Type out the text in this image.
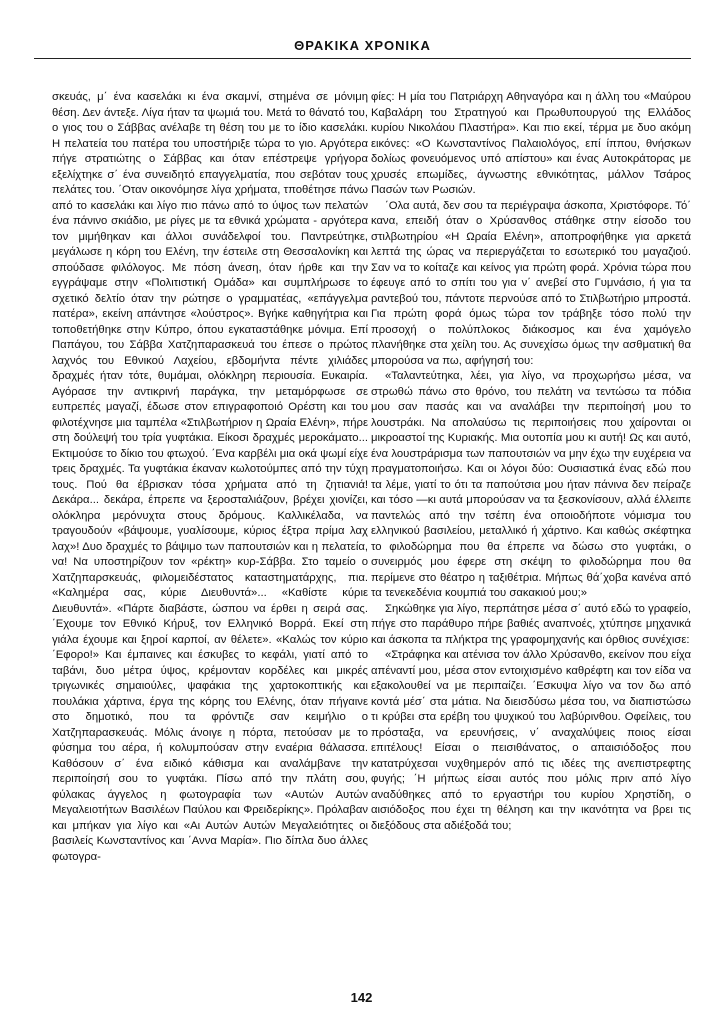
ΘΡΑΚΙΚΑ ΧΡΟΝΙΚΑ

σκευάς, μ΄ ένα κασελάκι κι ένα σκαμνί, στημένα σε μόνιμη θέση. Δεν άντεξε. Λίγα ήταν τα ψωμιά του. Μετά το θάνατό του, ο γιος του ο Σάββας ανέλαβε τη θέση του με το ίδιο κασελάκι. Η πελατεία του πατέρα του υποστήριξε τώρα το γιο. Αργότερα πήγε στρατιώτης ο Σάββας και όταν επέστρεψε γρήγορα εξελίχτηκε σ΄ ένα συνειδητό επαγγελματία, που σεβόταν τους πελάτες του. ΄Οταν οικονόμησε λίγα χρήματα, τποθέτησε πάνω από το κασελάκι και λίγο πιο πάνω από το ύψος των πελατών ένα πάνινο σκιάδιο, με ρίγες με τα εθνικά χρώματα - αργότερα τον μιμήθηκαν και άλλοι συνάδελφοί του. Παντρεύτηκε, μεγάλωσε η κόρη του Ελένη, την έστειλε στη Θεσσαλονίκη και σπούδασε φιλόλογος. Με πόση άνεση, όταν ήρθε και την εγγράψαμε στην «Πολιτιστική Ομάδα» και συμπλήρωσε το σχετικό δελτίο όταν την ρώτησε ο γραμματέας, «επάγγελμα πατέρα», εκείνη απάντησε «λούστρος». Βγήκε καθηγήτρια και τοποθετήθηκε στην Κύπρο, όπου εγκαταστάθηκε μόνιμα. Επί Παπάγου, του Σάββα Χατζηπαρασκευά του έπεσε ο πρώτος λαχνός του Εθνικού Λαχείου, εβδομήντα πέντε χιλιάδες δραχμές ήταν τότε, θυμάμαι, ολόκληρη περιουσία. Ευκαιρία. Αγόρασε την αντικρινή παράγκα, την μεταμόρφωσε σε ευπρεπές μαγαζί, έδωσε στον επιγραφοποιό Ορέστη και του φιλοτέχνησε μια ταμπέλα «Στιλβωτήριον η Ωραία Ελένη», πήρε στη δούλεψή του τρία γυφτάκια. Είκοσι δραχμές μεροκάματο... Εκτιμούσε το δίκιο του φτωχού. ΄Ενα καρβέλι μια οκά ψωμί είχε τρεις δραχμές. Τα γυφτάκια έκαναν κωλοτούμπες από την τύχη τους. Πού θα έβρισκαν τόσα χρήματα από τη ζητιανιά! Δεκάρα... δεκάρα, έπρεπε να ξεροσταλιάζουν, βρέχει χιονίζει, ολόκληρα μερόνυχτα στους δρόμους. Καλλικέλαδα, να τραγουδούν «βάψουμε, γυαλίσουμε, κύριος έξτρα πρίμα λαχ λαχ»! Δυο δραχμές το βάψιμο των παπουτσιών και η πελατεία, να! Να υποστηρίζουν τον «ρέκτη» κυρ-Σάββα. Στο ταμείο ο Χατζηπαρσκευάς, φιλομειδέστατος καταστηματάρχης, πια. «Καλημέρα σας, κύριε Διευθυντά»... «Καθίστε κύριε Διευθυντά». «Πάρτε διαβάστε, ώσπου να έρθει η σειρά σας. ΄Εχουμε τον Εθνικό Κήρυξ, τον Ελληνικό Βορρά. Εκεί στη γιάλα έχουμε και ξηροί καρποί, αν θέλετε». «Καλώς τον κύριο ΄Εφορο!» Και έμπαινες και έσκυβες το κεφάλι, γιατί από το ταβάνι, δυο μέτρα ύψος, κρέμονταν κορδέλες και μικρές τριγωνικές σημαιούλες, ψαφάκια της χαρτοκοπτικής και πουλάκια χάρτινα, έργα της κόρης του Ελένης, όταν πήγαινε στο δημοτικό, που τα φρόντιζε σαν κειμήλιο ο Χατζηπαρασκευάς. Μόλις άνοιγε η πόρτα, πετούσαν με το φύσημα του αέρα, ή κολυμπούσαν στην εναέρια θάλασσα. Καθόσουν σ΄ ένα ειδικό κάθισμα και αναλάμβανε την περιποίησή σου το γυφτάκι. Πίσω από την πλάτη σου, φύλακας άγγελος η φωτογραφία των «Αυτών Αυτών Μεγαλειοτήτων Βασιλέων Παύλου και Φρειδερίκης». Πρόλαβαν και μπήκαν για λίγο και «Αι Αυτών Αυτών Μεγαλειότητες οι βασιλείς Κωνσταντίνος και ΄Αννα Μαρία». Πιο δίπλα δυο άλλες φωτογρα-

φίες: Η μία του Πατριάρχη Αθηναγόρα και η άλλη του «Μαύρου Καβαλάρη του Στρατηγού και Πρωθυπουργού της Ελλάδος κυρίου Νικολάου Πλαστήρα». Και πιο εκεί, τέρμα με δυο ακόμη εικόνες: «Ο Κωνσταντίνος Παλαιολόγος, επί ίππου, θνήσκων δολίως φονευόμενος υπό απίστου» και ένας Αυτοκράτορας με χρυσές επωμίδες, άγνωστης εθνικότητας, μάλλον Τσάρος Πασών των Ρωσιών.

΄Ολα αυτά, δεν σου τα περιέγραψα άσκοπα, Χριστόφορε. Τό΄ κανα, επειδή όταν ο Χρύσανθος στάθηκε στην είσοδο του στιλβωτηρίου «Η Ωραία Ελένη», αποπροφήθηκε για αρκετά λεπτά της ώρας να περιεργάζεται το εσωτερικό του μαγαζιού. Σαν να το κοίταζε και κείνος για πρώτη φορά. Χρόνια τώρα που έφευγε από το σπίτι του για ν΄ ανεβεί στο Γυμνάσιο, ή για τα ραντεβού του, πάντοτε περνούσε από το Στιλβωτήριο μπροστά. Για πρώτη φορά όμως τώρα τον τράβηξε τόσο πολύ την προσοχή ο πολύπλοκος διάκοσμος και ένα χαμόγελο πλανήθηκε στα χείλη του. Ας συνεχίσω όμως την ασθματική θα μπορούσα να πω, αφήγησή του:

«Ταλαντεύτηκα, λέει, για λίγο, να προχωρήσω μέσα, να στρωθώ πάνω στο θρόνο, του πελάτη να τεντώσω τα πόδια μου σαν πασάς και να αναλάβει την περιποίησή μου το λουστράκι. Να απολαύσω τις περιποιήσεις που χαίρονται οι μικροαστοί της Κυριακής. Μια ουτοπία μου κι αυτή! Ως και αυτό, ένα λουστράρισμα των παπουτσιών να μην έχω την ευχέρεια να πραγματοποιήσω. Και οι λόγοι δύο: Ουσιαστικά ένας εδώ που τα λέμε, γιατί το ότι τα παπούτσια μου ήταν πάνινα δεν πείραζε και τόσο —κι αυτά μπορούσαν να τα ξεσκονίσουν, αλλά έλλειπε παντελώς από την τσέπη ένα οποιοδήποτε νόμισμα του ελληνικού βασιλείου, μεταλλικό ή χάρτινο. Και καθώς σκέφτηκα το φιλοδώρημα που θα έπρεπε να δώσω στο γυφτάκι, ο συνειρμός μου έφερε στη σκέψη το φιλοδώρημα που θα περίμενε στο θέατρο η ταξιθέτρια. Μήπως θά΄χοβα κανένα από τα τενεκεδένια κουμπιά του σακακιού μου;»

Σηκώθηκε για λίγο, περπάτησε μέσα σ΄ αυτό εδώ το γραφείο, πήγε στο παράθυρο πήρε βαθιές αναπνοές, χτύπησε μηχανικά και άσκοπα τα πλήκτρα της γραφομηχανής και όρθιος συνέχισε:

«Στράφηκα και ατένισα τον άλλο Χρύσανθο, εκείνον που είχα απέναντί μου, μέσα στον εντοιχισμένο καθρέφτη και τον είδα να εξακολουθεί να με περιπαίζει. ΄Εσκυψα λίγο να τον δω από κοντά μέσ΄ στα μάτια. Να διεισδύσω μέσα του, να διαπιστώσω τι κρύβει στα ερέβη του ψυχικού του λαβύρινθου. Οφείλεις, του πρόσταξα, να ερευνήσεις, ν΄ αναχαλύψεις ποιος είσαι επιτέλους! Είσαι ο πεισιθάνατος, ο απαισιόδοξος που κατατρύχεσαι νυχθημερόν από τις ιδέες της ανεπιστρεφτης φυγής; ΄Η μήπως είσαι αυτός που μόλις πριν από λίγο αναδύθηκες από το εργαστήρι του κυρίου Χρηστίδη, ο αισιόδοξος που έχει τη θέληση και την ικανότητα να βρει τις διεξόδους στα αδιέξοδά του;

142
